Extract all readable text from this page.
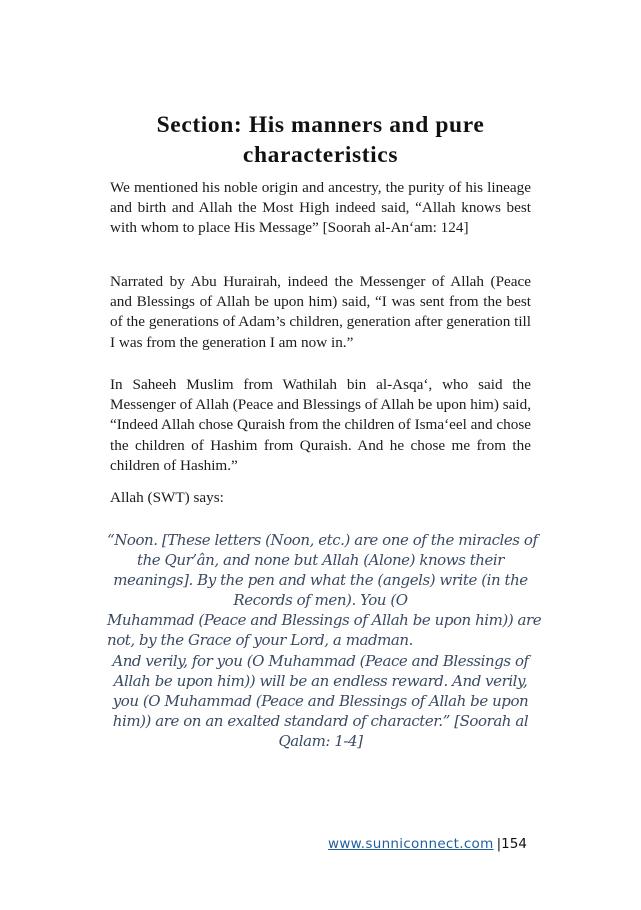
Section: His manners and pure
characteristics

We mentioned his noble origin and ancestry, the purity of his lineage and birth and Allah the Most High indeed said, “Allah knows best with whom to place His Message” [Soorah al-An‘am: 124]

Narrated by Abu Hurairah, indeed the Messenger of Allah (Peace and Blessings of Allah be upon him) said, “I was sent from the best of the generations of Adam’s children, generation after generation till I was from the generation I am now in.”

In Saheeh Muslim from Wathilah bin al-Asqa‘, who said the Messenger of Allah (Peace and Blessings of Allah be upon him) said, “Indeed Allah chose Quraish from the children of Isma‘eel and chose the children of Hashim from Quraish. And he chose me from the children of Hashim.”

Allah (SWT) says:

“Noon. [These letters (Noon, etc.) are one of the miracles of
the Qur’ân, and none but Allah (Alone) knows their
meanings]. By the pen and what the (angels) write (in the
Records of men). You (O
Muhammad (Peace and Blessings of Allah be upon him)) are
not, by the Grace of your Lord, a madman.
And verily, for you (O Muhammad (Peace and Blessings of
Allah be upon him)) will be an endless reward. And verily,
you (O Muhammad (Peace and Blessings of Allah be upon
him)) are on an exalted standard of character.” [Soorah al
Qalam: 1-4]
www.sunniconnect.com |154
